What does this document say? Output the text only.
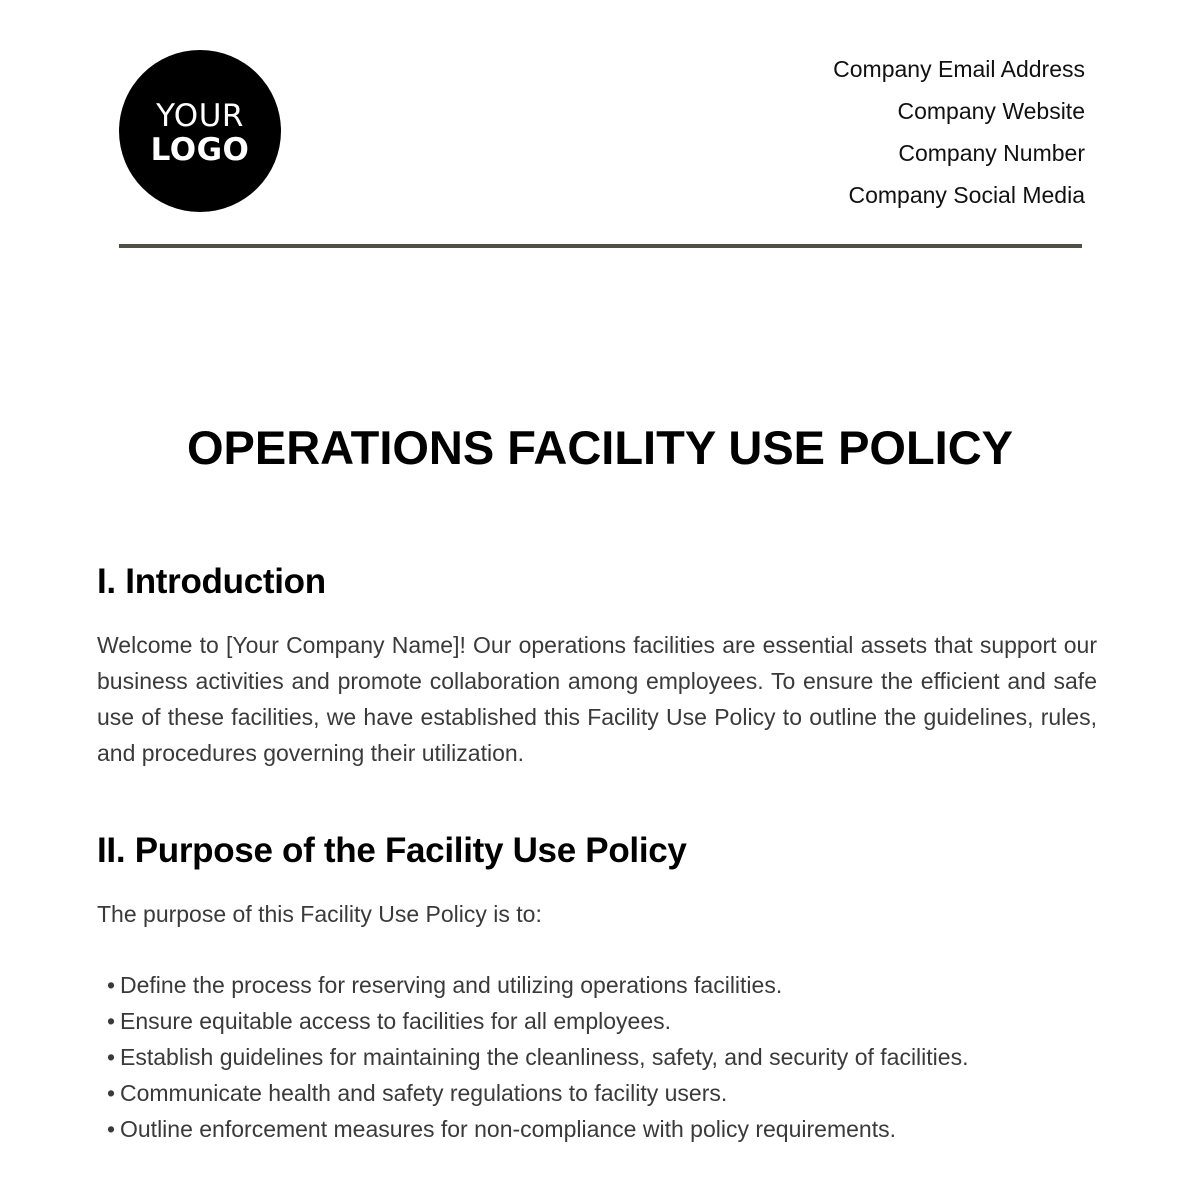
YOUR
LOGO
Company Email Address
Company Website
Company Number
Company Social Media
OPERATIONS FACILITY USE POLICY
I. Introduction

Welcome to [Your Company Name]! Our operations facilities are essential assets that support our business activities and promote collaboration among employees. To ensure the efficient and safe use of these facilities, we have established this Facility Use Policy to outline the guidelines, rules, and procedures governing their utilization.

II. Purpose of the Facility Use Policy

The purpose of this Facility Use Policy is to:

• Define the process for reserving and utilizing operations facilities.
• Ensure equitable access to facilities for all employees.
• Establish guidelines for maintaining the cleanliness, safety, and security of facilities.
• Communicate health and safety regulations to facility users.
• Outline enforcement measures for non-compliance with policy requirements.
